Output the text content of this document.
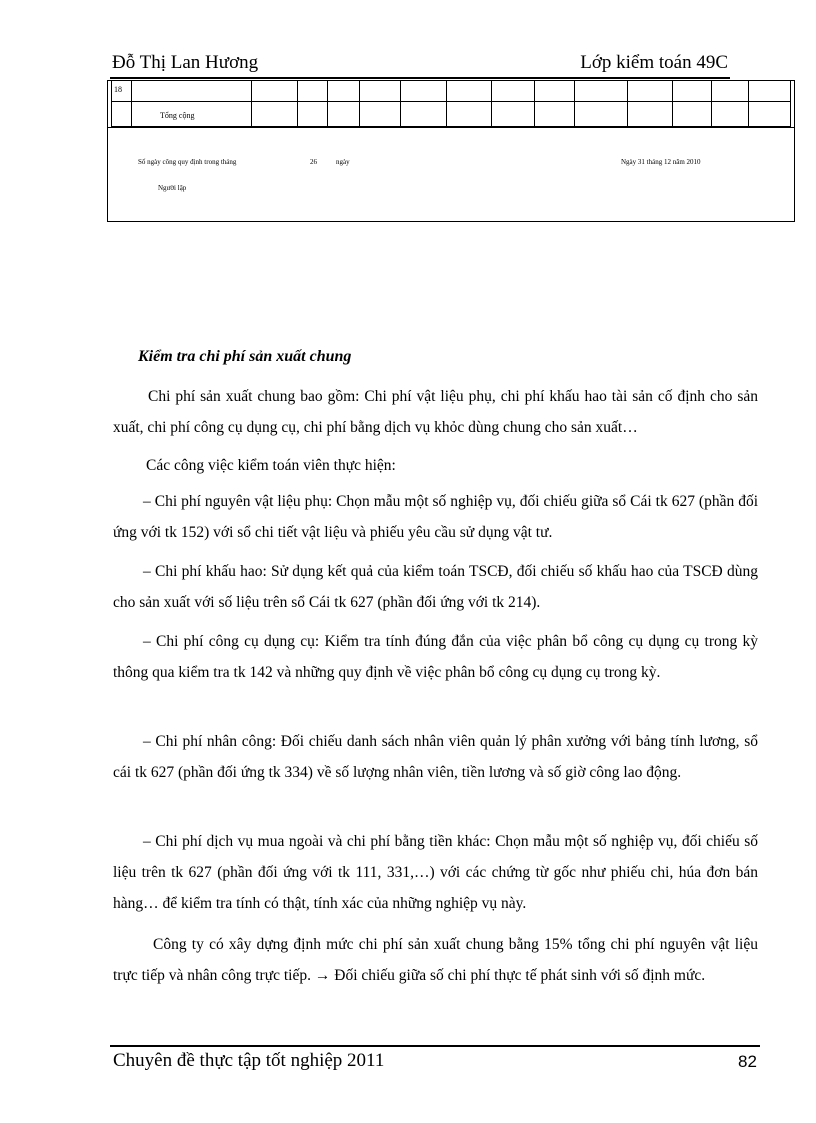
Đỗ Thị Lan Hương	Lớp kiểm toán 49C
18
Tổng cộng
Số ngày công quy định trong tháng	26	ngày	Ngày 31 tháng 12 năm 2010
Người lập
Kiểm tra chi phí sản xuất chung
Chi phí sản xuất chung bao gồm: Chi phí vật liệu phụ, chi phí khấu hao tài sản cố định cho sản xuất, chi phí công cụ dụng cụ, chi phí bằng dịch vụ khỏc dùng chung cho sản xuất…
Các công việc kiểm toán viên thực hiện:
– Chi phí nguyên vật liệu phụ: Chọn mẫu một số nghiệp vụ, đối chiếu giữa sổ Cái tk 627 (phần đối ứng với tk 152) với sổ chi tiết vật liệu và phiếu yêu cầu sử dụng vật tư.
– Chi phí khấu hao: Sử dụng kết quả của kiểm toán TSCĐ, đối chiếu số khấu hao của TSCĐ dùng cho sản xuất với số liệu trên sổ Cái tk 627 (phần đối ứng với tk 214).
– Chi phí công cụ dụng cụ: Kiểm tra tính đúng đắn của việc phân bổ công cụ dụng cụ trong kỳ thông qua kiểm tra tk 142 và những quy định về việc phân bổ công cụ dụng cụ trong kỳ.
– Chi phí nhân công: Đối chiếu danh sách nhân viên quản lý phân xưởng với bảng tính lương, sổ cái tk 627 (phần đối ứng tk 334) về số lượng nhân viên, tiền lương và số giờ công lao động.
– Chi phí dịch vụ mua ngoài và chi phí bằng tiền khác: Chọn mẫu một số nghiệp vụ, đối chiếu số liệu trên tk 627 (phần đối ứng với tk 111, 331,…) với các chứng từ gốc như phiếu chi, húa đơn bán hàng… để kiểm tra tính có thật, tính xác của những nghiệp vụ này.
Công ty có xây dựng định mức chi phí sản xuất chung bằng 15% tổng chi phí nguyên vật liệu trực tiếp và nhân công trực tiếp. → Đối chiếu giữa số chi phí thực tế phát sinh với số định mức.
Chuyên đề thực tập tốt nghiệp 2011	82
